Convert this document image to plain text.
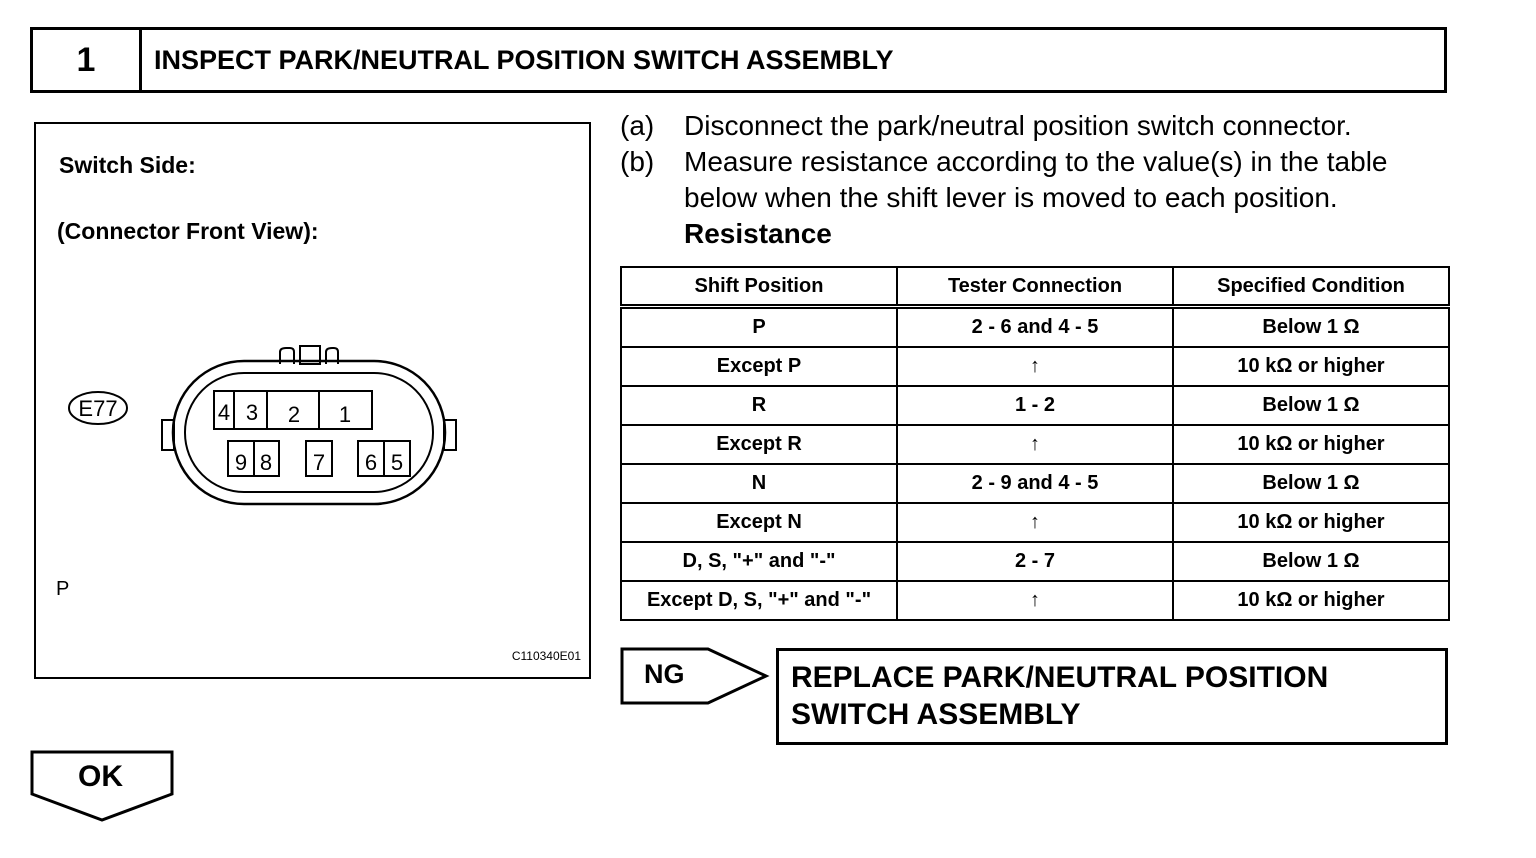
1	INSPECT PARK/NEUTRAL POSITION SWITCH ASSEMBLY
Switch Side:
(Connector Front View):
E77	4 3 2 1
9 8 7 6 5
P
C110340E01
(a) Disconnect the park/neutral position switch connector.
(b) Measure resistance according to the value(s) in the table
below when the shift lever is moved to each position.
Resistance
Shift Position	Tester Connection	Specified Condition
P	2 - 6 and 4 - 5	Below 1 Ω
Except P	↑	10 kΩ or higher
R	1 - 2	Below 1 Ω
Except R	↑	10 kΩ or higher
N	2 - 9 and 4 - 5	Below 1 Ω
Except N	↑	10 kΩ or higher
D, S, "+" and "-"	2 - 7	Below 1 Ω
Except D, S, "+" and "-"	↑	10 kΩ or higher
NG	REPLACE PARK/NEUTRAL POSITION
SWITCH ASSEMBLY
OK
